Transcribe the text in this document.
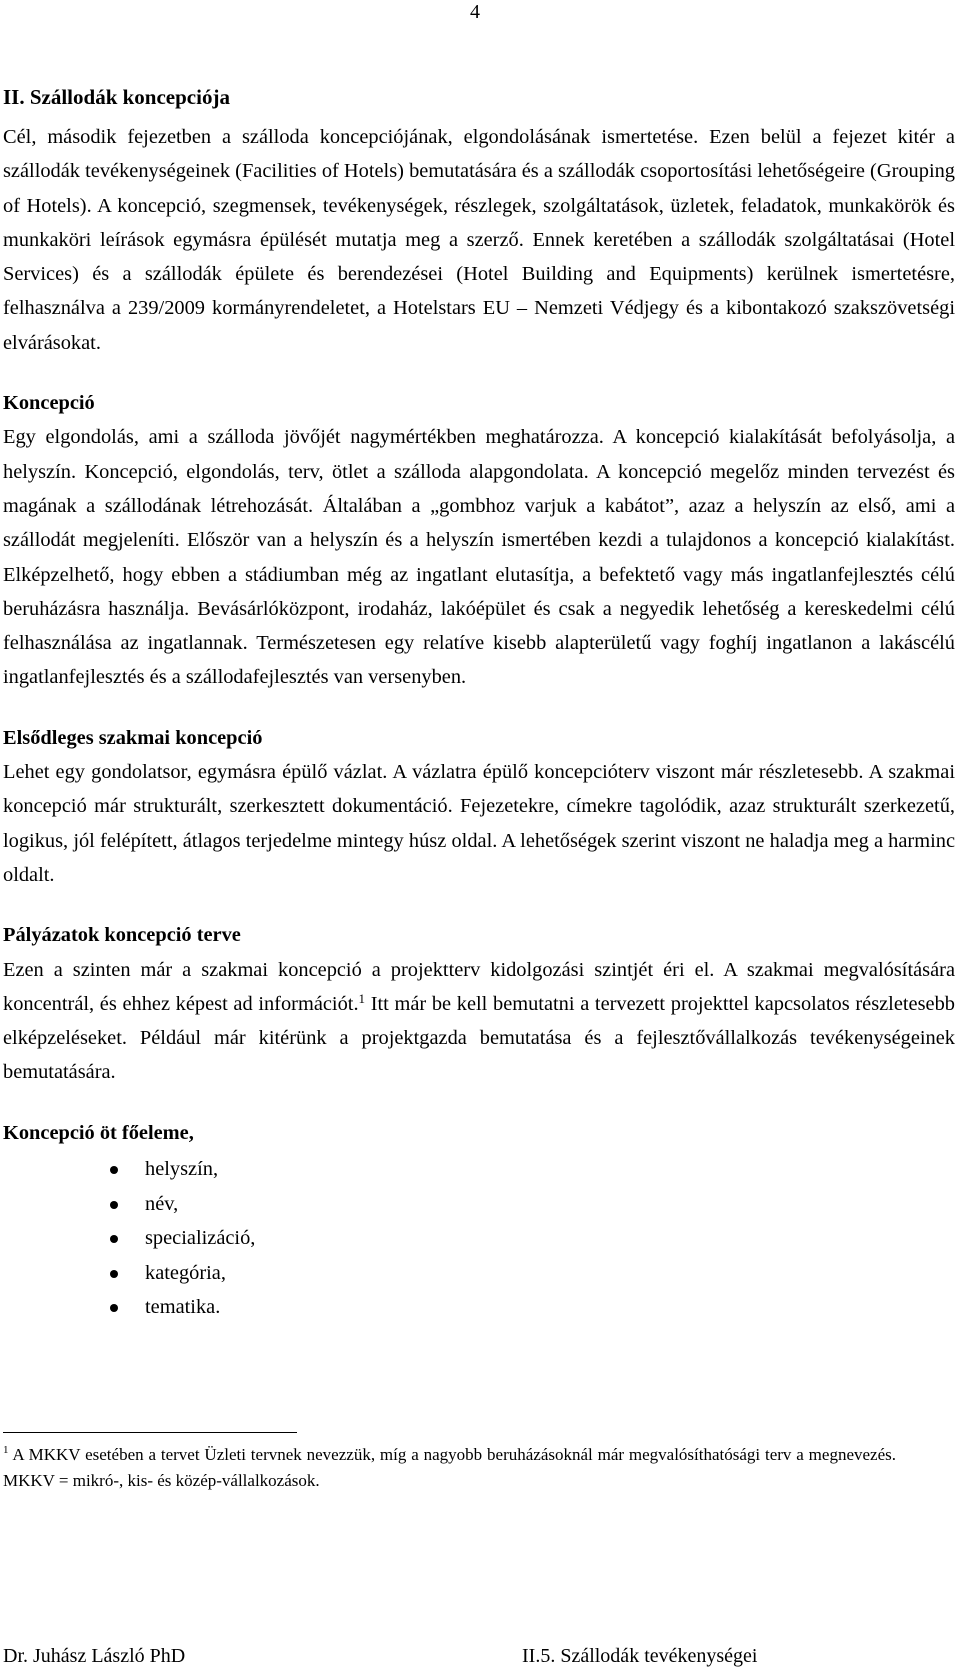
4
II. Szállodák koncepciója

Cél, második fejezetben a szálloda koncepciójának, elgondolásának ismertetése. Ezen belül a fejezet kitér a szállodák tevékenységeinek (Facilities of Hotels) bemutatására és a szállodák csoportosítási lehetőségeire (Grouping of Hotels). A koncepció, szegmensek, tevékenységek, részlegek, szolgáltatások, üzletek, feladatok, munkakörök és munkaköri leírások egymásra épülését mutatja meg a szerző. Ennek keretében a szállodák szolgáltatásai (Hotel Services) és a szállodák épülete és berendezései (Hotel Building and Equipments) kerülnek ismertetésre, felhasználva a 239/2009 kormányrendeletet, a Hotelstars EU – Nemzeti Védjegy és a kibontakozó szakszövetségi elvárásokat.

Koncepció

Egy elgondolás, ami a szálloda jövőjét nagymértékben meghatározza. A koncepció kialakítását befolyásolja, a helyszín. Koncepció, elgondolás, terv, ötlet a szálloda alapgondolata. A koncepció megelőz minden tervezést és magának a szállodának létrehozását. Általában a „gombhoz varjuk a kabátot”, azaz a helyszín az első, ami a szállodát megjeleníti. Először van a helyszín és a helyszín ismertében kezdi a tulajdonos a koncepció kialakítást. Elképzelhető, hogy ebben a stádiumban még az ingatlant elutasítja, a befektető vagy más ingatlanfejlesztés célú beruházásra használja. Bevásárlóközpont, irodaház, lakóépület és csak a negyedik lehetőség a kereskedelmi célú felhasználása az ingatlannak. Természetesen egy relatíve kisebb alapterületű vagy foghíj ingatlanon a lakáscélú ingatlanfejlesztés és a szállodafejlesztés van versenyben.

Elsődleges szakmai koncepció

Lehet egy gondolatsor, egymásra épülő vázlat. A vázlatra épülő koncepcióterv viszont már részletesebb. A szakmai koncepció már strukturált, szerkesztett dokumentáció. Fejezetekre, címekre tagolódik, azaz strukturált szerkezetű, logikus, jól felépített, átlagos terjedelme mintegy húsz oldal. A lehetőségek szerint viszont ne haladja meg a harminc oldalt.

Pályázatok koncepció terve

Ezen a szinten már a szakmai koncepció a projektterv kidolgozási szintjét éri el. A szakmai megvalósítására koncentrál, és ehhez képest ad információt.$^1$ Itt már be kell bemutatni a tervezett projekttel kapcsolatos részletesebb elképzeléseket. Például már kitérünk a projektgazda bemutatása és a fejlesztővállalkozás tevékenységeinek bemutatására.

Koncepció öt főeleme,
helyszín,
név,
specializáció,
kategória,
tematika.

$^1$ A MKKV esetében a tervet Üzleti tervnek nevezzük, míg a nagyobb beruházásoknál már megvalósíthatósági terv a megnevezés. MKKV = mikró-, kis- és közép-vállalkozások.

Dr. Juhász László PhD	II.5. Szállodák tevékenységei
